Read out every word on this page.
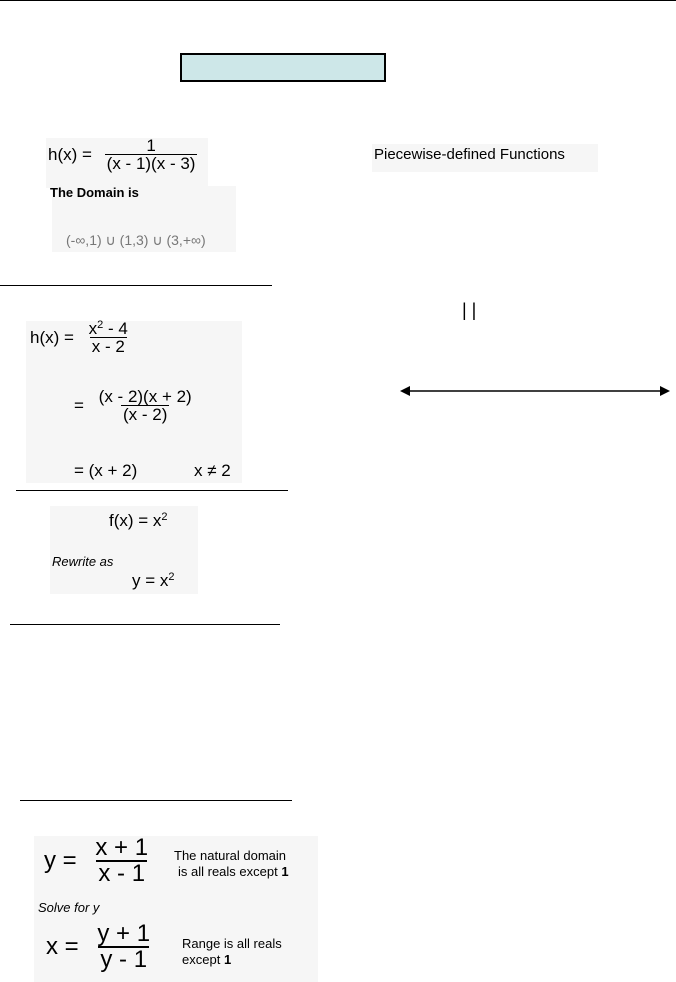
$h(x) = \frac{1}{(x - 1)(x - 3)}$
The Domain is
(-∞,1) ∪ (1,3) ∪ (3,+∞)
Piecewise-defined Functions
| |
$h(x) = \frac{x^2 - 4}{x - 2}$
= $\frac{(x - 2)(x + 2)}{(x - 2)}$
= (x + 2)	x ≠ 2
$f(x) = x^2$
Rewrite as
$y = x^2$
$y = \frac{x + 1}{x - 1}$ The natural domain
is all reals except 1
Solve for y
$x = \frac{y + 1}{y - 1}$ Range is all reals
except 1
